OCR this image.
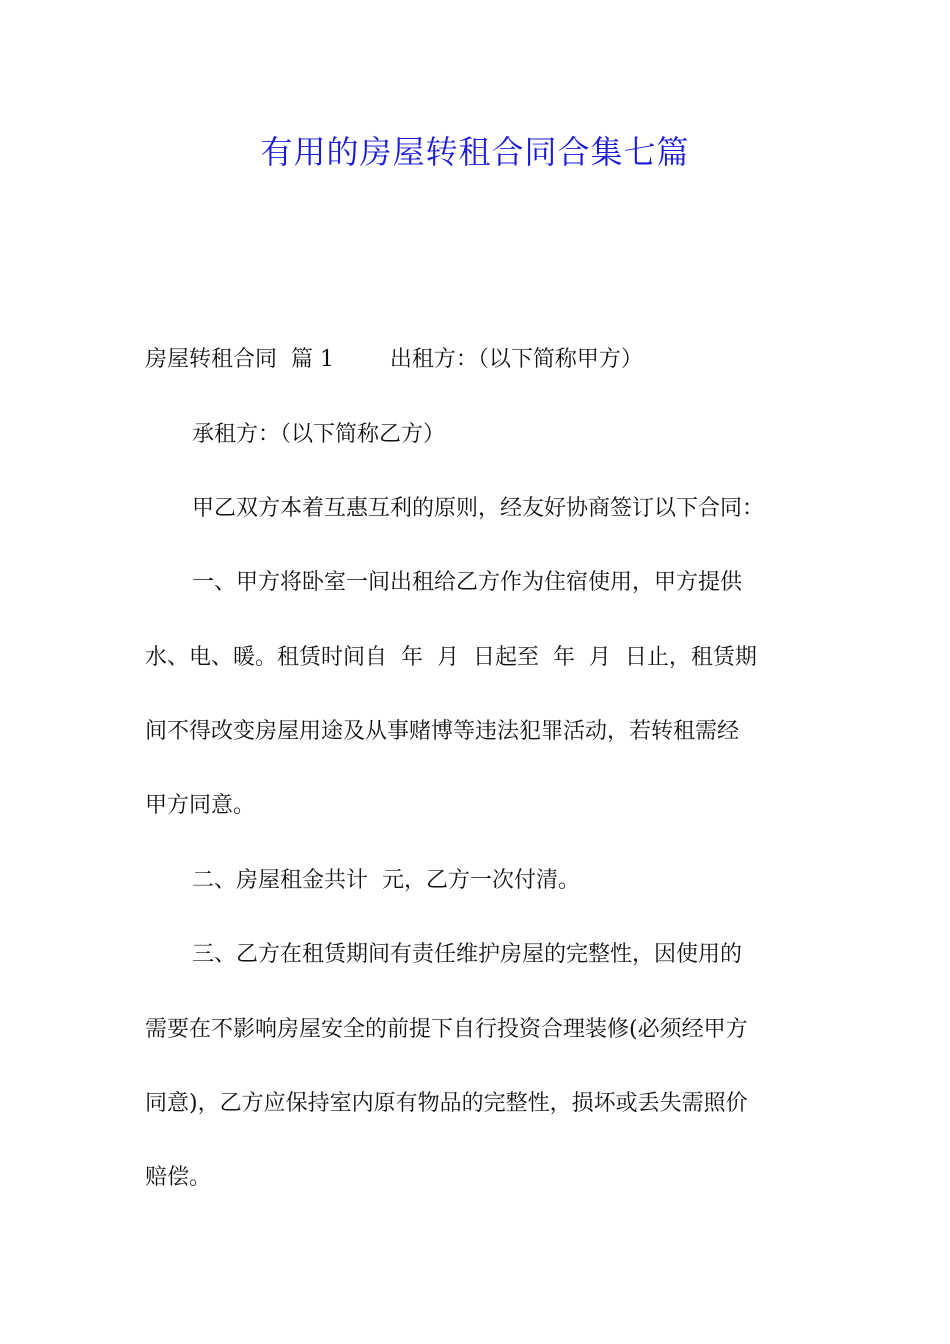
有用的房屋转租合同合集七篇
房屋转租合同  篇 1        出租方：（以下简称甲方）
承租方：（以下简称乙方）
甲乙双方本着互惠互利的原则，经友好协商签订以下合同：
一、甲方将卧室一间出租给乙方作为住宿使用，甲方提供
水、电、暖。租赁时间自  年  月  日起至  年  月  日止，租赁期
间不得改变房屋用途及从事赌博等违法犯罪活动，若转租需经
甲方同意。
二、房屋租金共计  元，乙方一次付清。
三、乙方在租赁期间有责任维护房屋的完整性，因使用的
需要在不影响房屋安全的前提下自行投资合理装修(必须经甲方
同意)，乙方应保持室内原有物品的完整性，损坏或丢失需照价
赔偿。
